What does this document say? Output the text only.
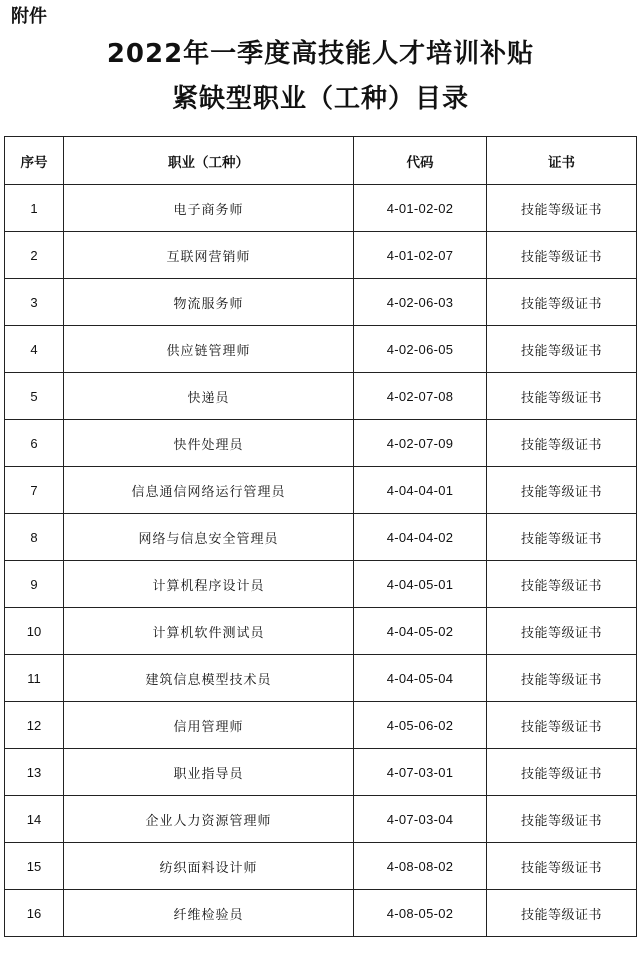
附件
2022年一季度高技能人才培训补贴
紧缺型职业（工种）目录
序号	职业（工种）	代码	证书
1	电子商务师	4-01-02-02	技能等级证书
2	互联网营销师	4-01-02-07	技能等级证书
3	物流服务师	4-02-06-03	技能等级证书
4	供应链管理师	4-02-06-05	技能等级证书
5	快递员	4-02-07-08	技能等级证书
6	快件处理员	4-02-07-09	技能等级证书
7	信息通信网络运行管理员	4-04-04-01	技能等级证书
8	网络与信息安全管理员	4-04-04-02	技能等级证书
9	计算机程序设计员	4-04-05-01	技能等级证书
10	计算机软件测试员	4-04-05-02	技能等级证书
11	建筑信息模型技术员	4-04-05-04	技能等级证书
12	信用管理师	4-05-06-02	技能等级证书
13	职业指导员	4-07-03-01	技能等级证书
14	企业人力资源管理师	4-07-03-04	技能等级证书
15	纺织面料设计师	4-08-08-02	技能等级证书
16	纤维检验员	4-08-05-02	技能等级证书
